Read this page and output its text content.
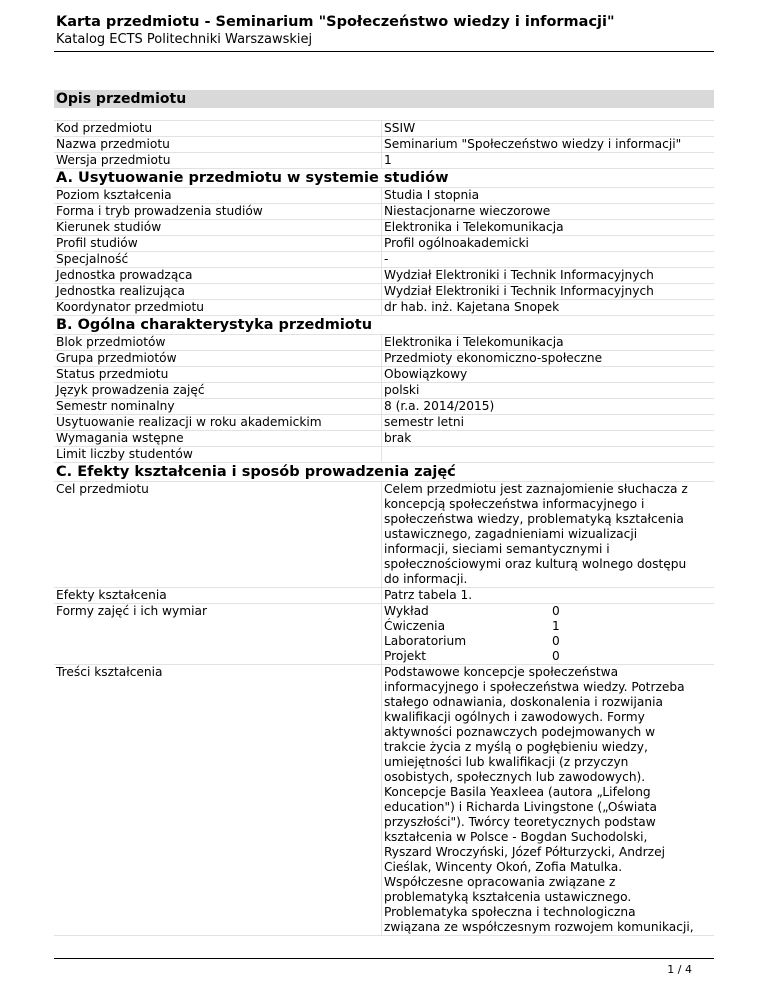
Karta przedmiotu - Seminarium "Społeczeństwo wiedzy i informacji"
Katalog ECTS Politechniki Warszawskiej
Opis przedmiotu
Kod przedmiotu	SSIW
Nazwa przedmiotu	Seminarium "Społeczeństwo wiedzy i informacji"
Wersja przedmiotu	1
A. Usytuowanie przedmiotu w systemie studiów
Poziom kształcenia	Studia I stopnia
Forma i tryb prowadzenia studiów	Niestacjonarne wieczorowe
Kierunek studiów	Elektronika i Telekomunikacja
Profil studiów	Profil ogólnoakademicki
Specjalność	-
Jednostka prowadząca	Wydział Elektroniki i Technik Informacyjnych
Jednostka realizująca	Wydział Elektroniki i Technik Informacyjnych
Koordynator przedmiotu	dr hab. inż. Kajetana Snopek
B. Ogólna charakterystyka przedmiotu
Blok przedmiotów	Elektronika i Telekomunikacja
Grupa przedmiotów	Przedmioty ekonomiczno-społeczne
Status przedmiotu	Obowiązkowy
Język prowadzenia zajęć	polski
Semestr nominalny	8 (r.a. 2014/2015)
Usytuowanie realizacji w roku akademickim	semestr letni
Wymagania wstępne	brak
Limit liczby studentów
C. Efekty kształcenia i sposób prowadzenia zajęć
Cel przedmiotu	Celem przedmiotu jest zaznajomienie słuchacza z
koncepcją społeczeństwa informacyjnego i
społeczeństwa wiedzy, problematyką kształcenia
ustawicznego, zagadnieniami wizualizacji
informacji, sieciami semantycznymi i
społecznościowymi oraz kulturą wolnego dostępu
do informacji.
Efekty kształcenia	Patrz tabela 1.
Formy zajęć i ich wymiar	Wykład	0
Ćwiczenia	1
Laboratorium	0
Projekt	0
Treści kształcenia	Podstawowe koncepcje społeczeństwa
informacyjnego i społeczeństwa wiedzy. Potrzeba
stałego odnawiania, doskonalenia i rozwijania
kwalifikacji ogólnych i zawodowych. Formy
aktywności poznawczych podejmowanych w
trakcie życia z myślą o pogłębieniu wiedzy,
umiejętności lub kwalifikacji (z przyczyn
osobistych, społecznych lub zawodowych).
Koncepcje Basila Yeaxleea (autora „Lifelong
education") i Richarda Livingstone („Oświata
przyszłości"). Twórcy teoretycznych podstaw
kształcenia w Polsce - Bogdan Suchodolski,
Ryszard Wroczyński, Józef Półturzycki, Andrzej
Cieślak, Wincenty Okoń, Zofia Matulka.
Współczesne opracowania związane z
problematyką kształcenia ustawicznego.
Problematyka społeczna i technologiczna
związana ze współczesnym rozwojem komunikacji,
1 / 4
